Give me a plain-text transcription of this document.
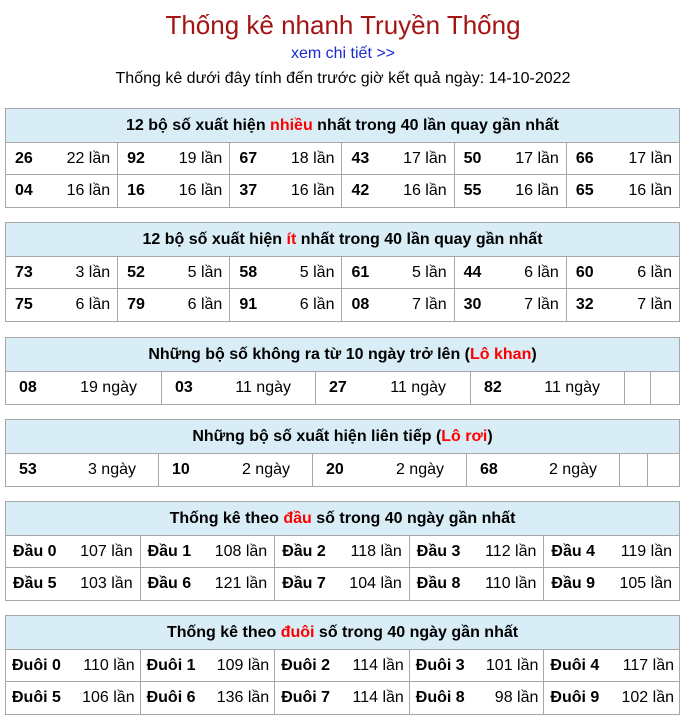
Thống kê nhanh Truyền Thống
xem chi tiết >>
Thống kê dưới đây tính đến trước giờ kết quả ngày: 14-10-2022
12 bộ số xuất hiện nhiều nhất trong 40 lần quay gần nhất
26 22 lần 92 19 lần 67 18 lần 43 17 lần 50 17 lần 66 17 lần
04 16 lần 16 16 lần 37 16 lần 42 16 lần 55 16 lần 65 16 lần
12 bộ số xuất hiện ít nhất trong 40 lần quay gần nhất
73	3 lần 52	5 lần 58	5 lần 61	5 lần 44	6 lần 60	6 lần
75	6 lần 79	6 lần 91	6 lần 08	7 lần 30	7 lần 32	7 lần
Những bộ số không ra từ 10 ngày trở lên (Lô khan)
08	19 ngày 03	11 ngày 27	11 ngày 82	11 ngày
Những bộ số xuất hiện liên tiếp (Lô rơi)
53	3 ngày 10	2 ngày 20	2 ngày 68	2 ngày
Thống kê theo đầu số trong 40 ngày gần nhất
Đầu 0 107 lần Đầu 1 108 lần Đầu 2 118 lần Đầu 3 112 lần Đầu 4 119 lần
Đầu 5 103 lần Đầu 6 121 lần Đầu 7 104 lần Đầu 8 110 lần Đầu 9 105 lần
Thống kê theo đuôi số trong 40 ngày gần nhất
Đuôi 0 110 lần Đuôi 1 109 lần Đuôi 2 114 lần Đuôi 3 101 lần Đuôi 4 117 lần
Đuôi 5 106 lần Đuôi 6 136 lần Đuôi 7 114 lần Đuôi 8 98 lần Đuôi 9 102 lần
